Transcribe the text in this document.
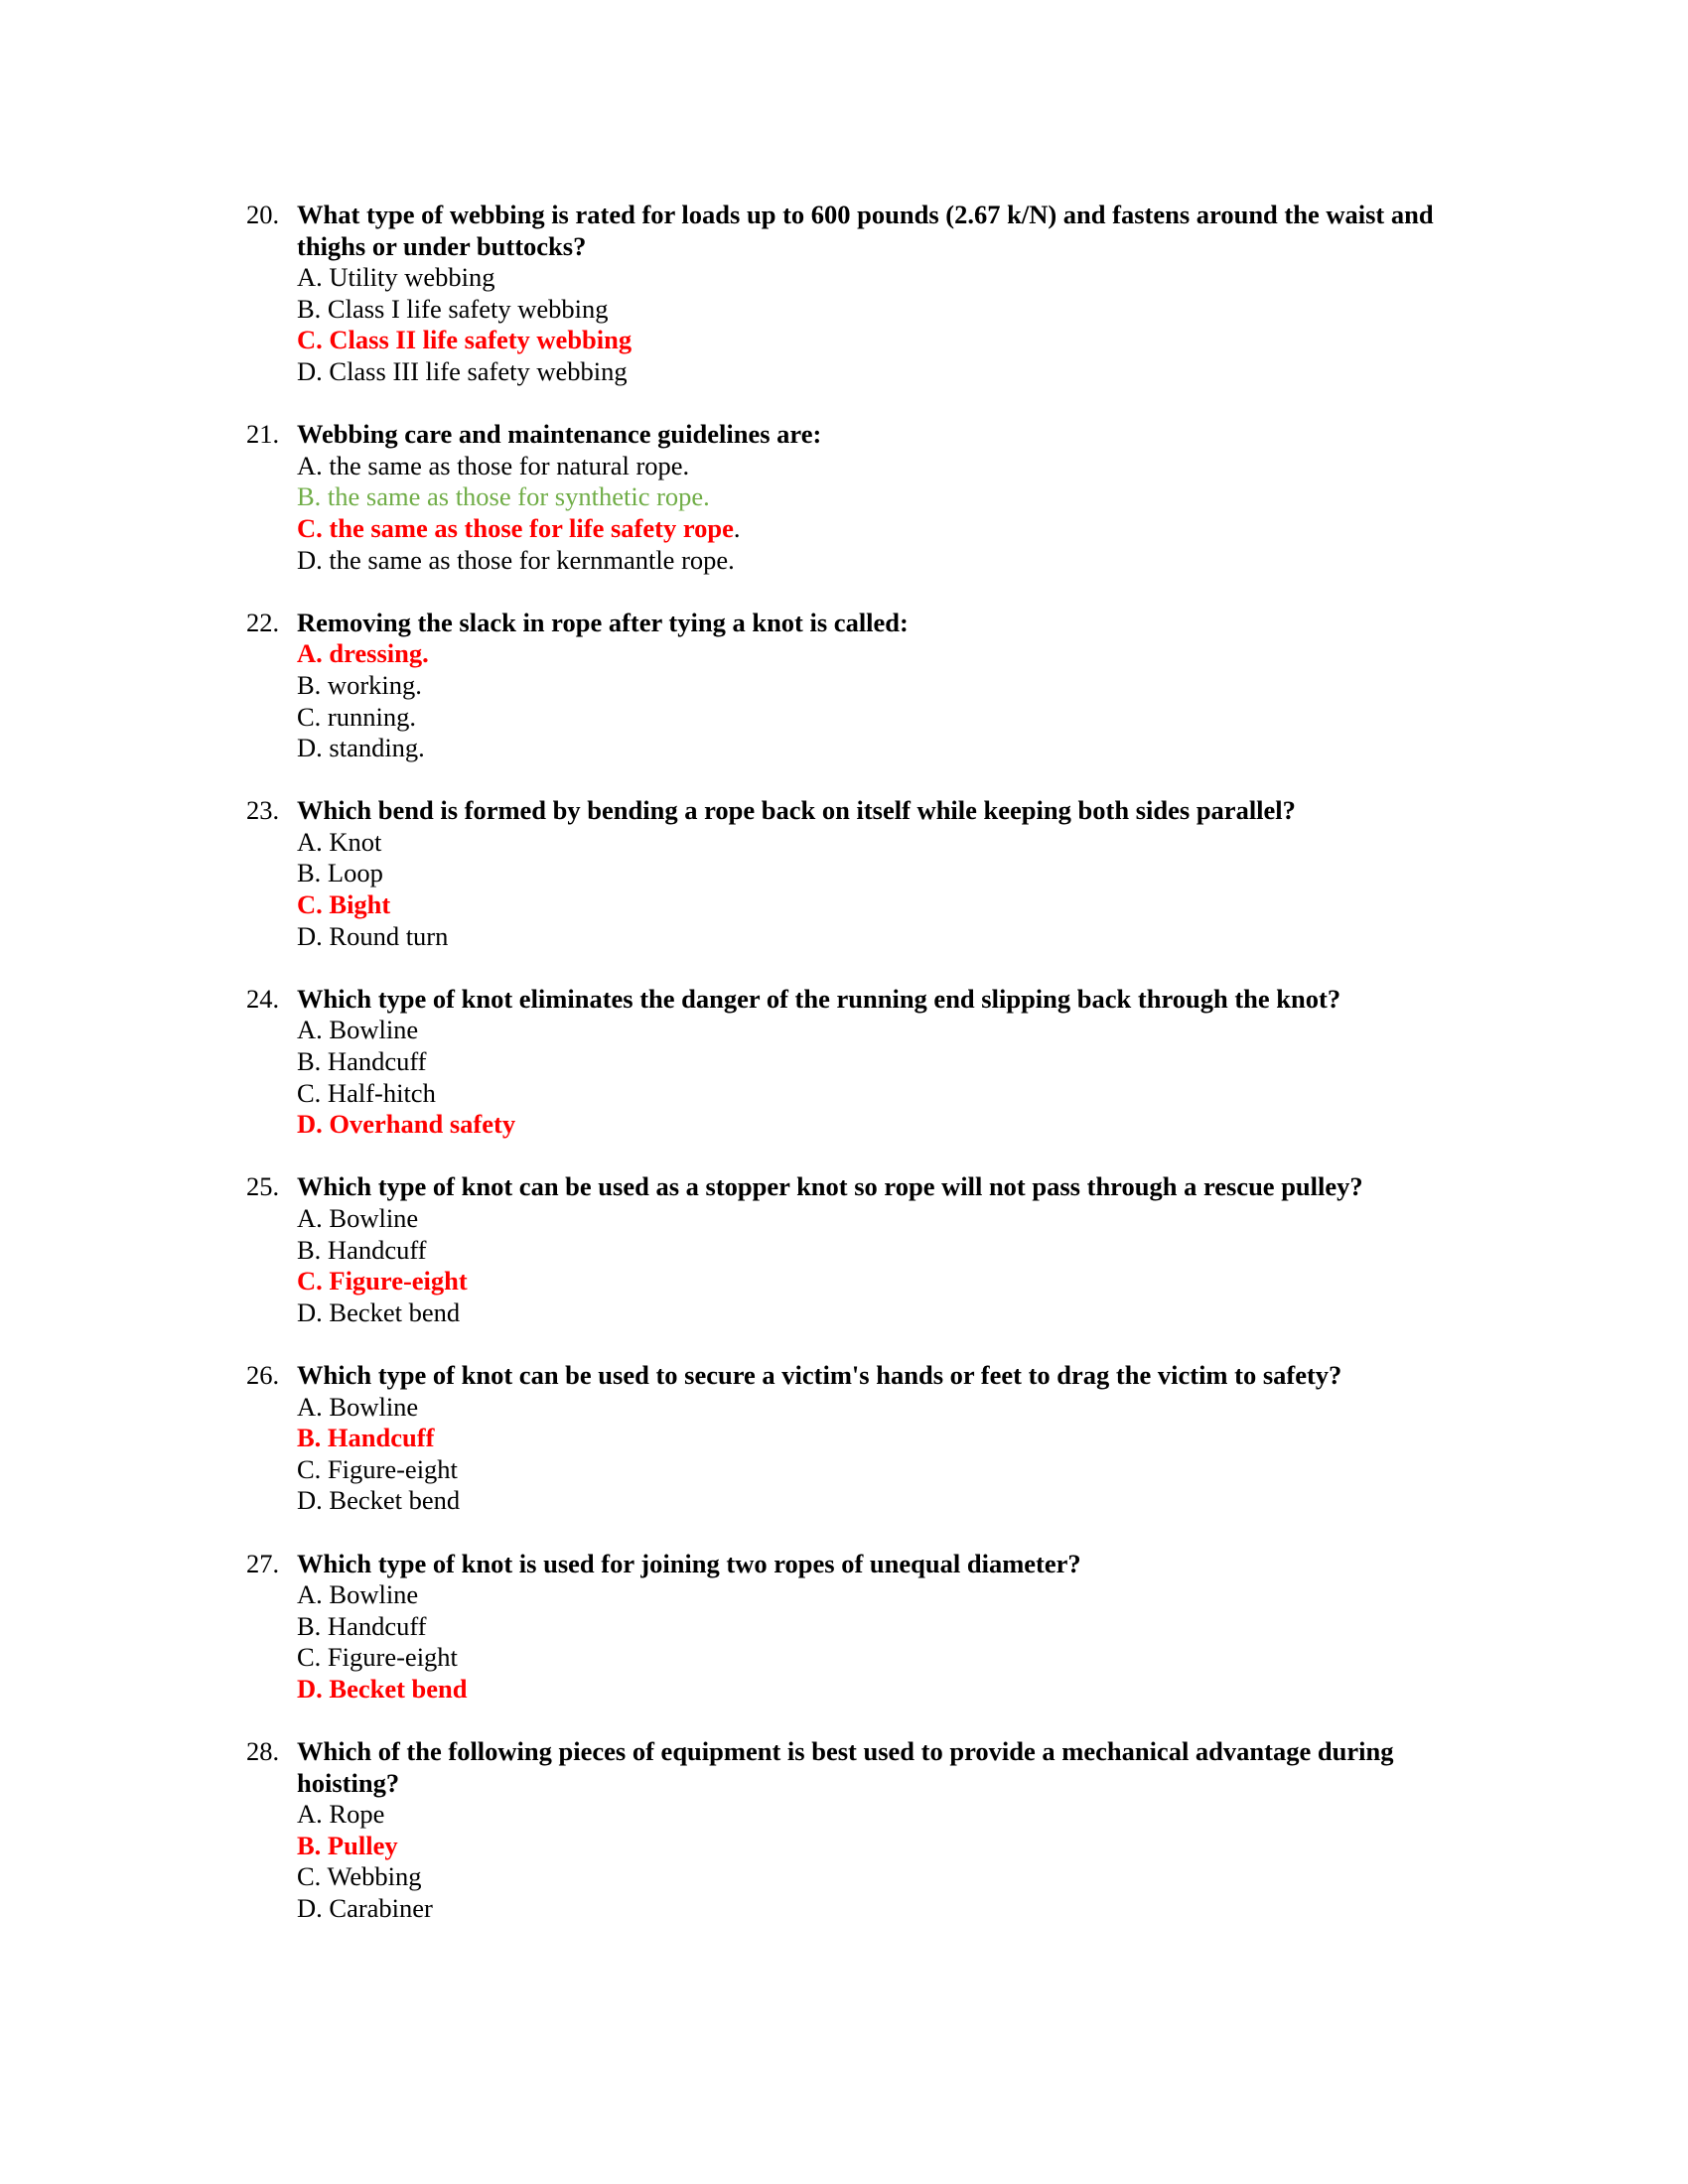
20. What type of webbing is rated for loads up to 600 pounds (2.67 k/N) and fastens around the waist and thighs or under buttocks?
A. Utility webbing
B. Class I life safety webbing
C. Class II life safety webbing
D. Class III life safety webbing
21. Webbing care and maintenance guidelines are:
A. the same as those for natural rope.
B. the same as those for synthetic rope.
C. the same as those for life safety rope.
D. the same as those for kernmantle rope.
22. Removing the slack in rope after tying a knot is called:
A. dressing.
B. working.
C. running.
D. standing.
23. Which bend is formed by bending a rope back on itself while keeping both sides parallel?
A. Knot
B. Loop
C. Bight
D. Round turn
24. Which type of knot eliminates the danger of the running end slipping back through the knot?
A. Bowline
B. Handcuff
C. Half-hitch
D. Overhand safety
25. Which type of knot can be used as a stopper knot so rope will not pass through a rescue pulley?
A. Bowline
B. Handcuff
C. Figure-eight
D. Becket bend
26. Which type of knot can be used to secure a victim's hands or feet to drag the victim to safety?
A. Bowline
B. Handcuff
C. Figure-eight
D. Becket bend
27. Which type of knot is used for joining two ropes of unequal diameter?
A. Bowline
B. Handcuff
C. Figure-eight
D. Becket bend
28. Which of the following pieces of equipment is best used to provide a mechanical advantage during hoisting?
A. Rope
B. Pulley
C. Webbing
D. Carabiner
